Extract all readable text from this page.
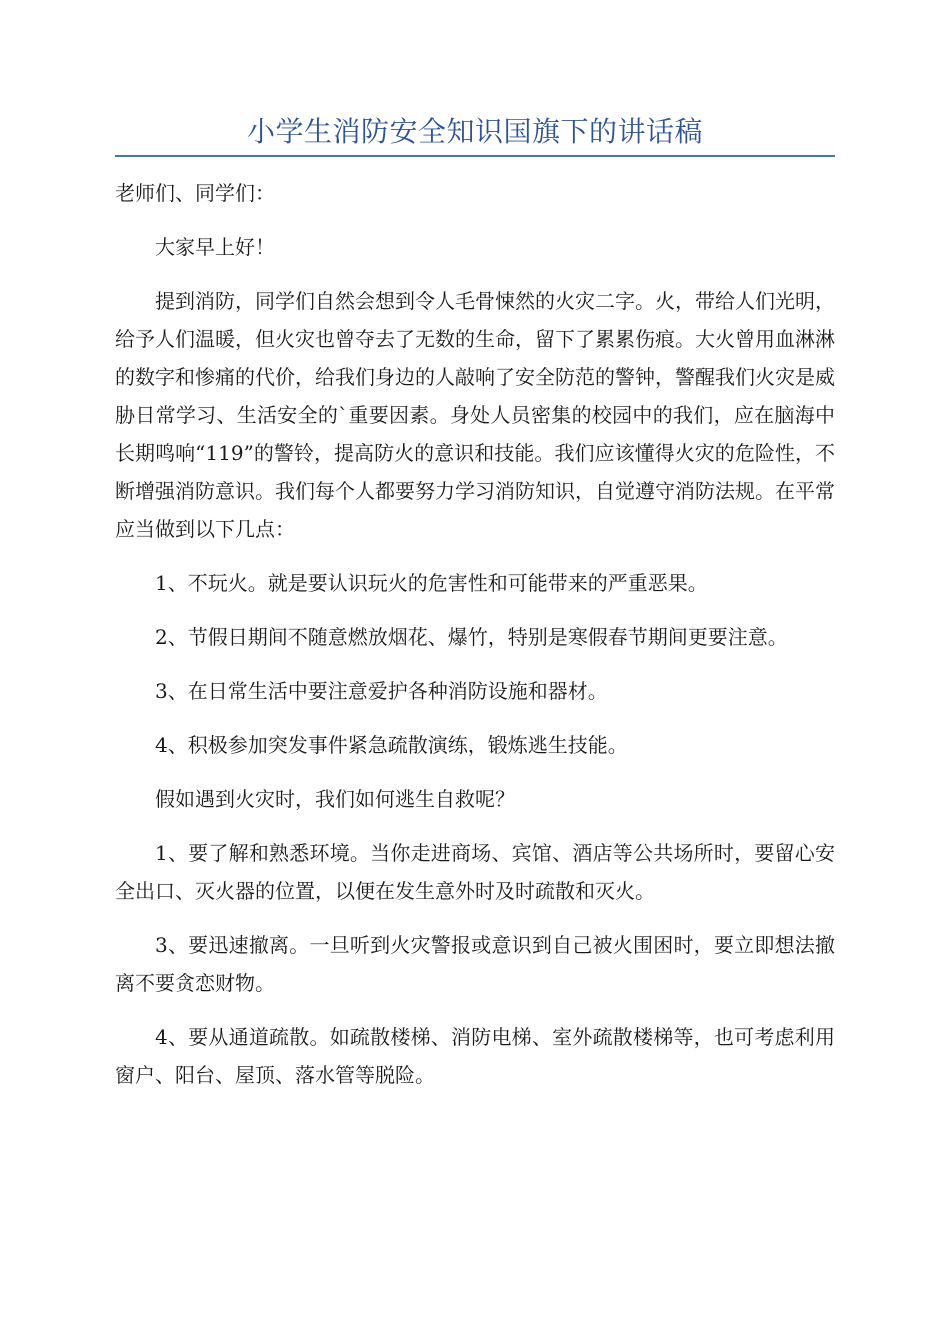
小学生消防安全知识国旗下的讲话稿

老师们、同学们：

大家早上好！

提到消防，同学们自然会想到令人毛骨悚然的火灾二字。火，带给人们光明，给予人们温暖，但火灾也曾夺去了无数的生命，留下了累累伤痕。大火曾用血淋淋的数字和惨痛的代价，给我们身边的人敲响了安全防范的警钟，警醒我们火灾是威胁日常学习、生活安全的`重要因素。身处人员密集的校园中的我们，应在脑海中长期鸣响“119”的警铃，提高防火的意识和技能。我们应该懂得火灾的危险性，不断增强消防意识。我们每个人都要努力学习消防知识，自觉遵守消防法规。在平常应当做到以下几点：

1、不玩火。就是要认识玩火的危害性和可能带来的严重恶果。

2、节假日期间不随意燃放烟花、爆竹，特别是寒假春节期间更要注意。

3、在日常生活中要注意爱护各种消防设施和器材。

4、积极参加突发事件紧急疏散演练，锻炼逃生技能。

假如遇到火灾时，我们如何逃生自救呢？

1、要了解和熟悉环境。当你走进商场、宾馆、酒店等公共场所时，要留心安全出口、灭火器的位置，以便在发生意外时及时疏散和灭火。

3、要迅速撤离。一旦听到火灾警报或意识到自己被火围困时，要立即想法撤离不要贪恋财物。

4、要从通道疏散。如疏散楼梯、消防电梯、室外疏散楼梯等，也可考虑利用窗户、阳台、屋顶、落水管等脱险。
